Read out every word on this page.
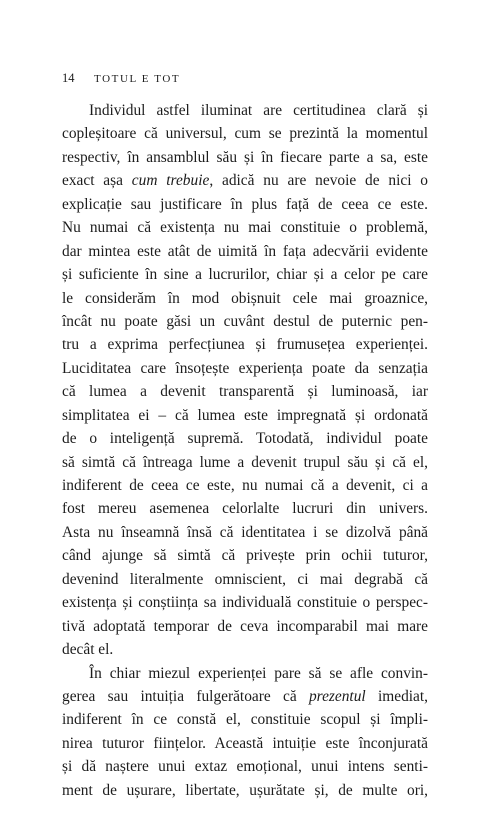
14 TOTUL E TOT
Individul astfel iluminat are certitudinea clară și
copleșitoare că universul, cum se prezintă la momentul
respectiv, în ansamblul său și în fiecare parte a sa, este
exact așa cum trebuie, adică nu are nevoie de nici o
explicație sau justificare în plus față de ceea ce este.
Nu numai că existența nu mai constituie o problemă,
dar mintea este atât de uimită în fața adecvării evidente
și suficiente în sine a lucrurilor, chiar și a celor pe care
le considerăm în mod obișnuit cele mai groaznice,
încât nu poate găsi un cuvânt destul de puternic pen-
tru a exprima perfecțiunea și frumusețea experienței.
Luciditatea care însoțește experiența poate da senzația
că lumea a devenit transparentă și luminoasă, iar
simplitatea ei – că lumea este impregnată și ordonată
de o inteligență supremă. Totodată, individul poate
să simtă că întreaga lume a devenit trupul său și că el,
indiferent de ceea ce este, nu numai că a devenit, ci a
fost mereu asemenea celorlalte lucruri din univers.
Asta nu înseamnă însă că identitatea i se dizolvă până
când ajunge să simtă că privește prin ochii tuturor,
devenind literalmente omniscient, ci mai degrabă că
existența și conștiința sa individuală constituie o perspec-
tivă adoptată temporar de ceva incomparabil mai mare
decât el.
În chiar miezul experienței pare să se afle convin-
gerea sau intuiția fulgerătoare că prezentul imediat,
indiferent în ce constă el, constituie scopul și împli-
nirea tuturor ființelor. Această intuiție este înconjurată
și dă naștere unui extaz emoțional, unui intens senti-
ment de ușurare, libertate, ușurătate și, de multe ori,
